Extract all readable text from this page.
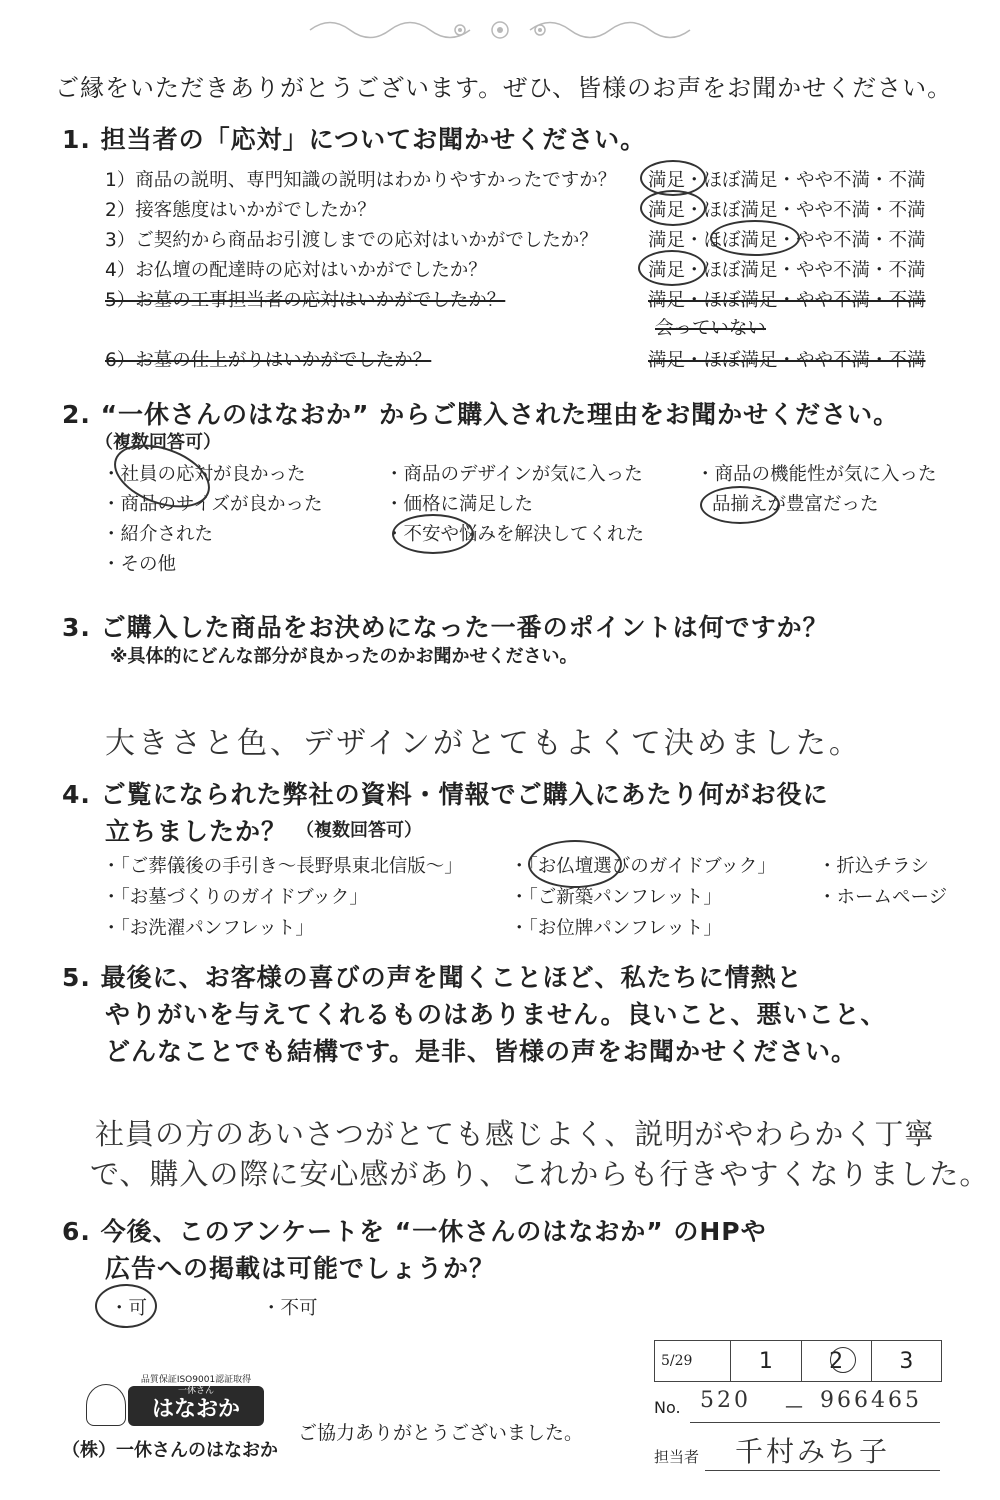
ご縁をいただきありがとうございます。ぜひ、皆様のお声をお聞かせください。
1. 担当者の「応対」についてお聞かせください。
1）商品の説明、専門知識の説明はわかりやすかったですか？ 満足・ほぼ満足・やや不満・不満
2）接客態度はいかがでしたか？	満足・ほぼ満足・やや不満・不満
3）ご契約から商品お引渡しまでの応対はいかがでしたか？	満足・ほぼ満足・やや不満・不満
4）お仏壇の配達時の応対はいかがでしたか？	満足・ほぼ満足・やや不満・不満
5）お墓の工事担当者の応対はいかがでしたか？	満足・ほぼ満足・やや不満・不満
会っていない
6）お墓の仕上がりはいかがでしたか？	満足・ほぼ満足・やや不満・不満
2. “一休さんのはなおか” からご購入された理由をお聞かせください。
（複数回答可）
・社員の応対が良かった	・商品のデザインが気に入った	・商品の機能性が気に入った
・商品のサイズが良かった	・価格に満足した	品揃えが豊富だった
・紹介された	・不安や悩みを解決してくれた
・その他
3. ご購入した商品をお決めになった一番のポイントは何ですか？
※具体的にどんな部分が良かったのかお聞かせください。
大きさと色、デザインがとてもよくて決めました。
4. ご覧になられた弊社の資料・情報でご購入にあたり何がお役に
立ちましたか？ （複数回答可）
・「ご葬儀後の手引き〜長野県東北信版〜」	・「お仏壇選びのガイドブック」 ・折込チラシ
・「お墓づくりのガイドブック」	・「ご新築パンフレット」	・ホームページ
・「お洗濯パンフレット」	・「お位牌パンフレット」
5. 最後に、お客様の喜びの声を聞くことほど、私たちに情熱と
やりがいを与えてくれるものはありません。良いこと、悪いこと、
どんなことでも結構です。是非、皆様の声をお聞かせください。
社員の方のあいさつがとても感じよく、説明がやわらかく丁寧
で、購入の際に安心感があり、これからも行きやすくなりました。
6. 今後、このアンケートを “一休さんのはなおか” のHPや
広告への掲載は可能でしょうか？
・可	・不可
5/29	1	2	3
No. 520 — 966465
担当者 千村みち子
品質保証ISO9001認証取得
一休さん
はなおか
（株）一休さんのはなおか
ご協力ありがとうございました。
